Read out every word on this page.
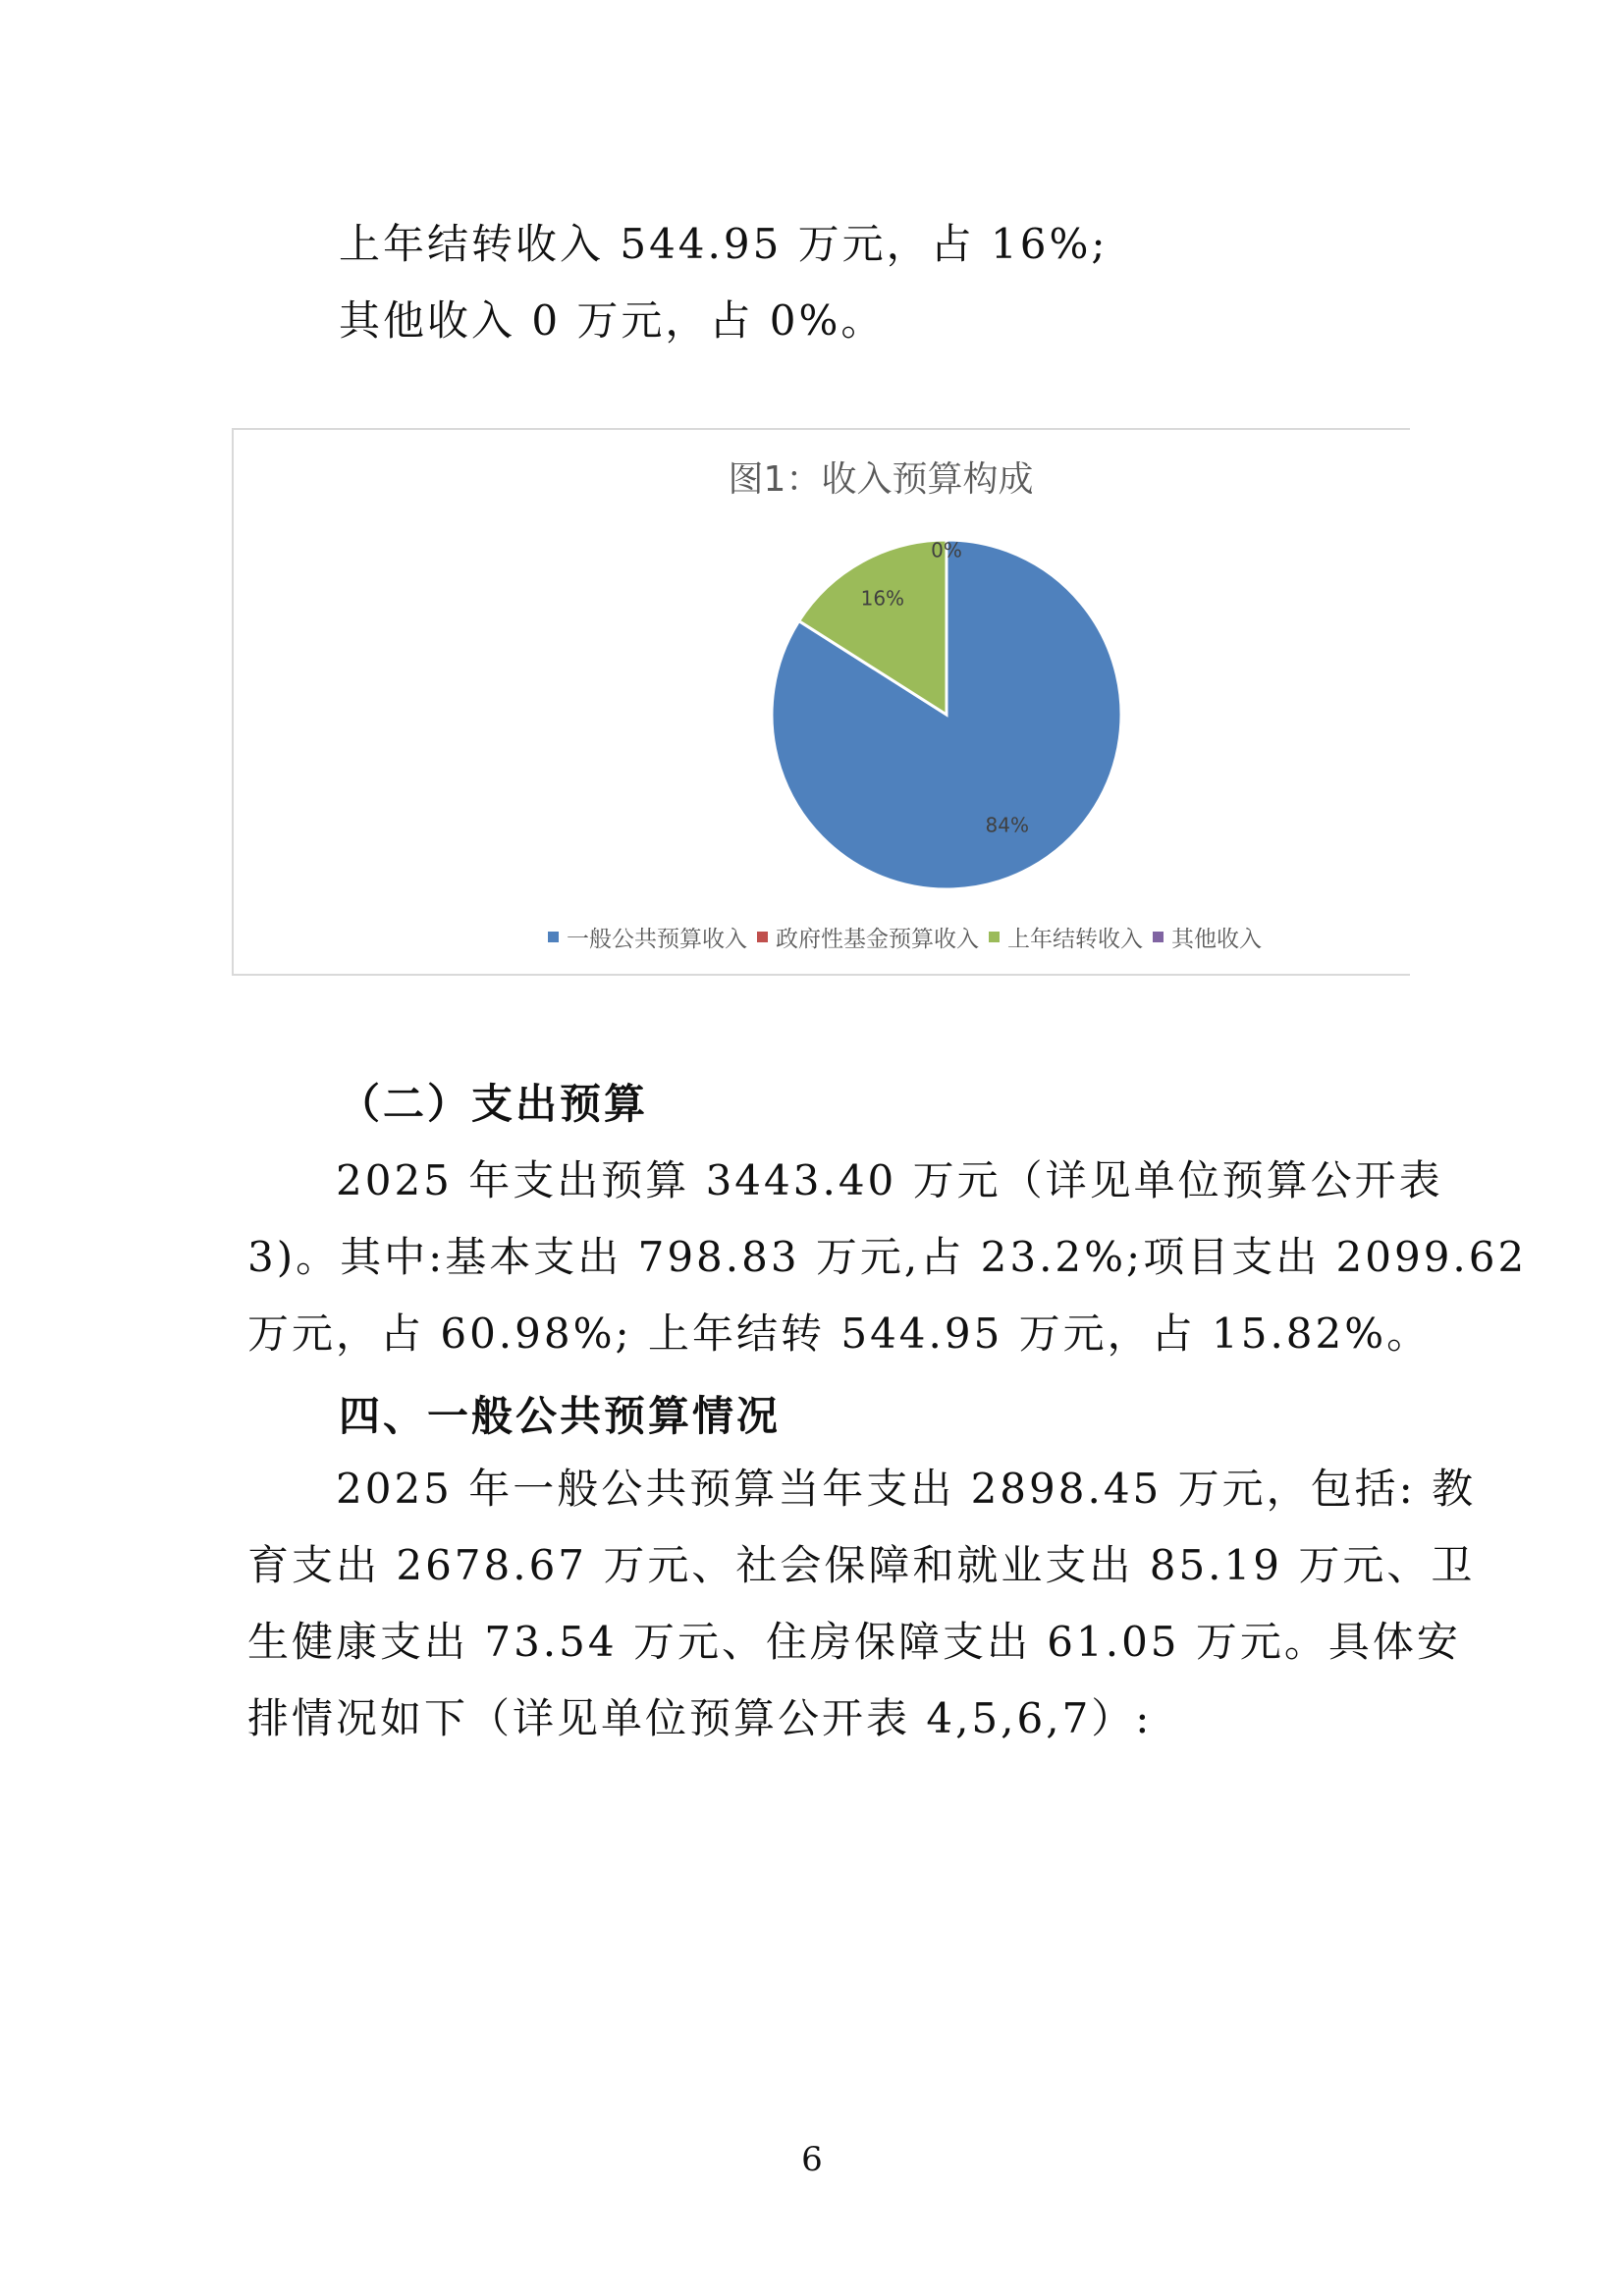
上年结转收入 544.95 万元，占 16%;
其他收入 0 万元，占 0%。
图1：收入预算构成
84%
16%
0%
一般公共预算收入 政府性基金预算收入 上年结转收入 其他收入
（二）支出预算
2025 年支出预算 3443.40 万元（详见单位预算公开表
3)。其中:基本支出 798.83 万元,占 23.2%;项目支出 2099.62
万元，占 60.98%; 上年结转 544.95 万元，占 15.82%。
四、一般公共预算情况
2025 年一般公共预算当年支出 2898.45 万元，包括: 教
育支出 2678.67 万元、社会保障和就业支出 85.19 万元、卫
生健康支出 73.54 万元、住房保障支出 61.05 万元。具体安
排情况如下（详见单位预算公开表 4,5,6,7）:
6
